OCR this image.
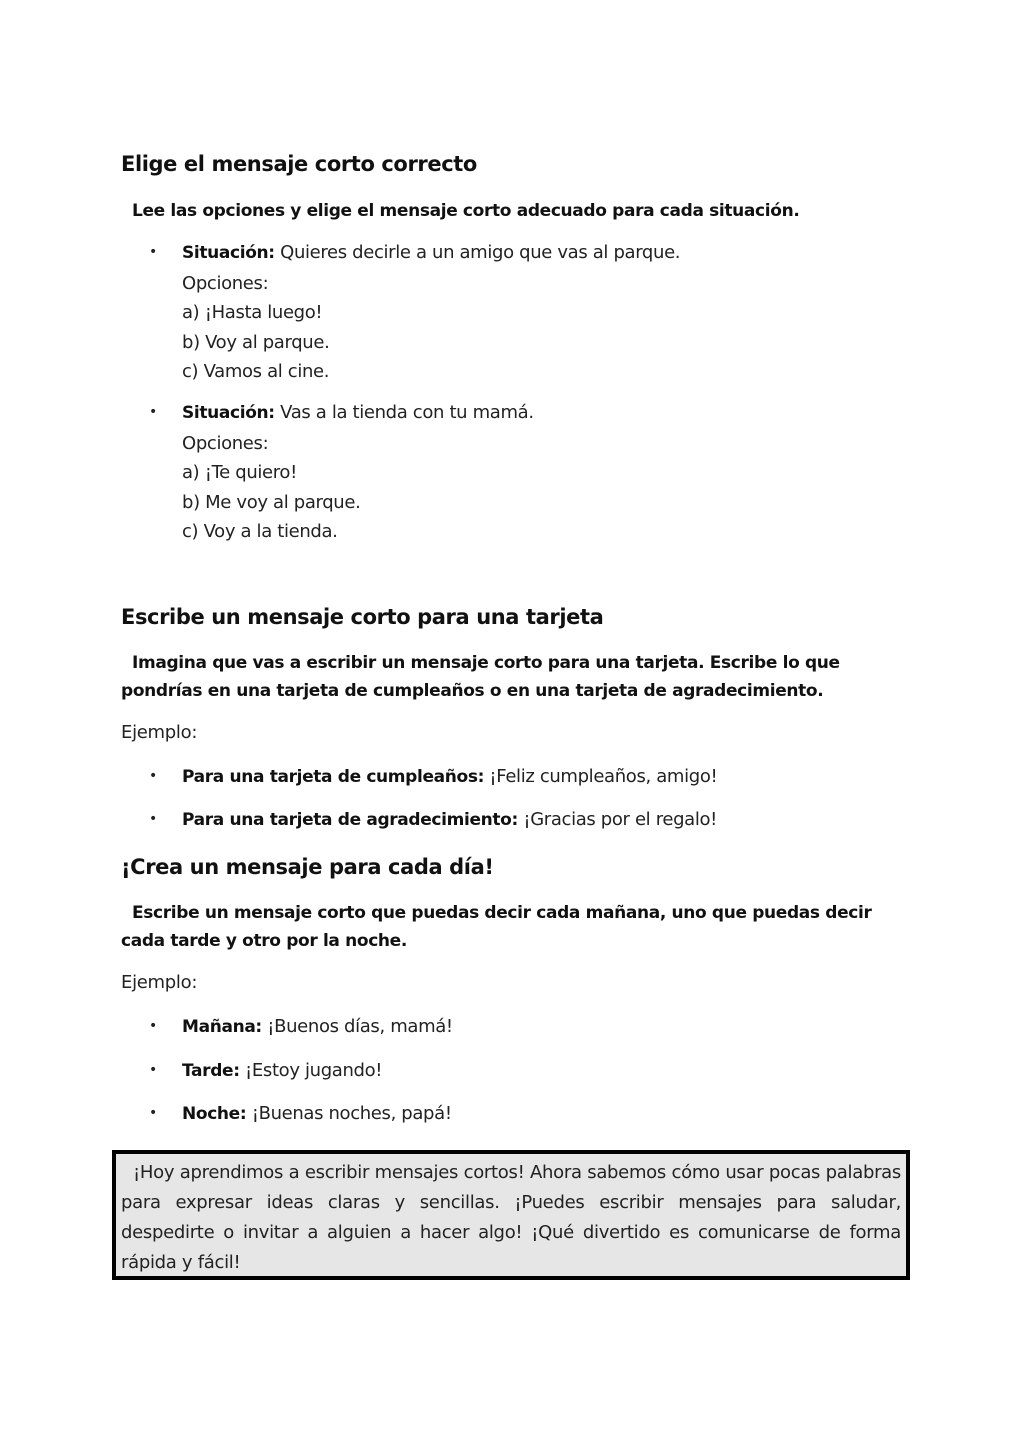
Elige el mensaje corto correcto

Lee las opciones y elige el mensaje corto adecuado para cada situación.

• Situación: Quieres decirle a un amigo que vas al parque.
Opciones:
a) ¡Hasta luego!
b) Voy al parque.
c) Vamos al cine.
• Situación: Vas a la tienda con tu mamá.
Opciones:
a) ¡Te quiero!
b) Me voy al parque.
c) Voy a la tienda.
Escribe un mensaje corto para una tarjeta

Imagina que vas a escribir un mensaje corto para una tarjeta. Escribe lo que pondrías en una tarjeta de cumpleaños o en una tarjeta de agradecimiento.

Ejemplo:

• Para una tarjeta de cumpleaños: ¡Feliz cumpleaños, amigo!
• Para una tarjeta de agradecimiento: ¡Gracias por el regalo!
¡Crea un mensaje para cada día!

Escribe un mensaje corto que puedas decir cada mañana, uno que puedas decir cada tarde y otro por la noche.

Ejemplo:

• Mañana: ¡Buenos días, mamá!
• Tarde: ¡Estoy jugando!
• Noche: ¡Buenas noches, papá!

¡Hoy aprendimos a escribir mensajes cortos! Ahora sabemos cómo usar pocas palabras para expresar ideas claras y sencillas. ¡Puedes escribir mensajes para saludar, despedirte o invitar a alguien a hacer algo! ¡Qué divertido es comunicarse de forma rápida y fácil!
